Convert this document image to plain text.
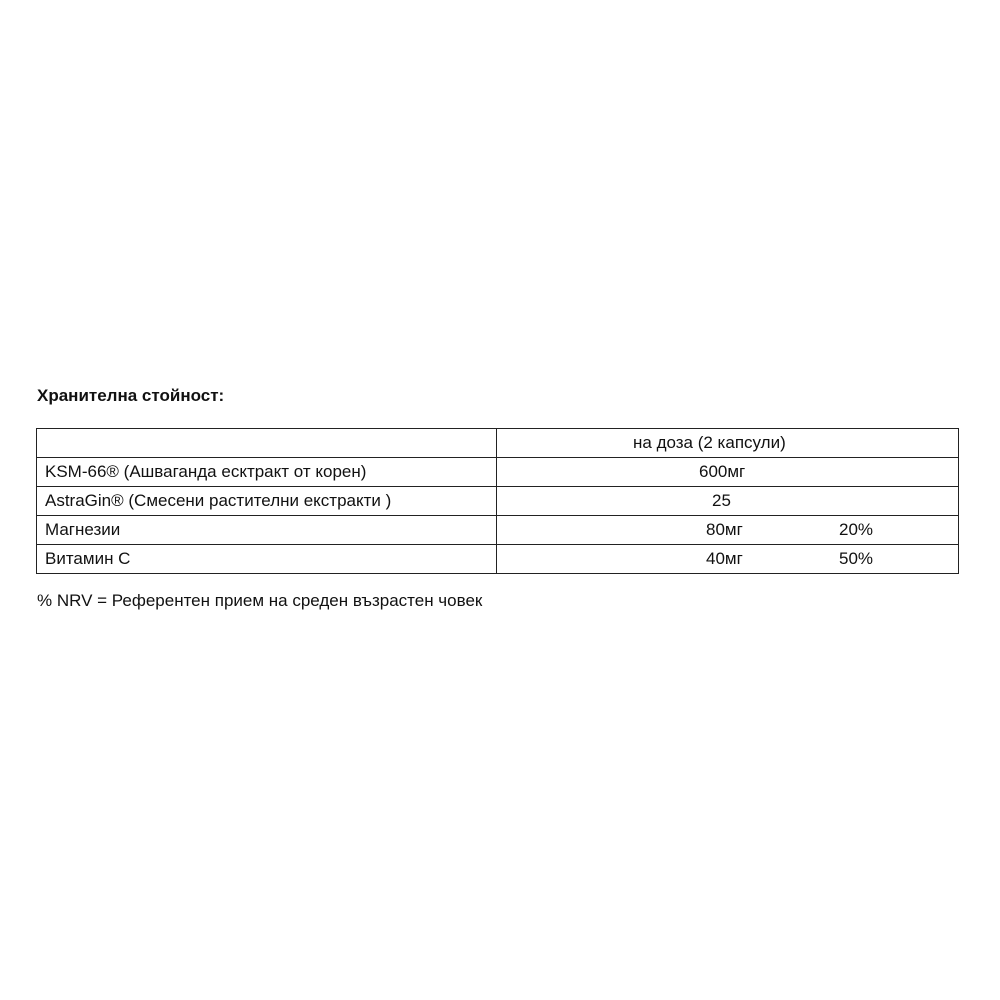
Хранителна стойност:

	на доза (2 капсули)

KSM-66® (Ашваганда есктракт от корен)	600мг

AstraGin® (Смесени растителни екстракти )	25

Магнезии	80мг 20%

Витамин С	40мг 50%
% NRV = Референтен прием на среден възрастен човек
